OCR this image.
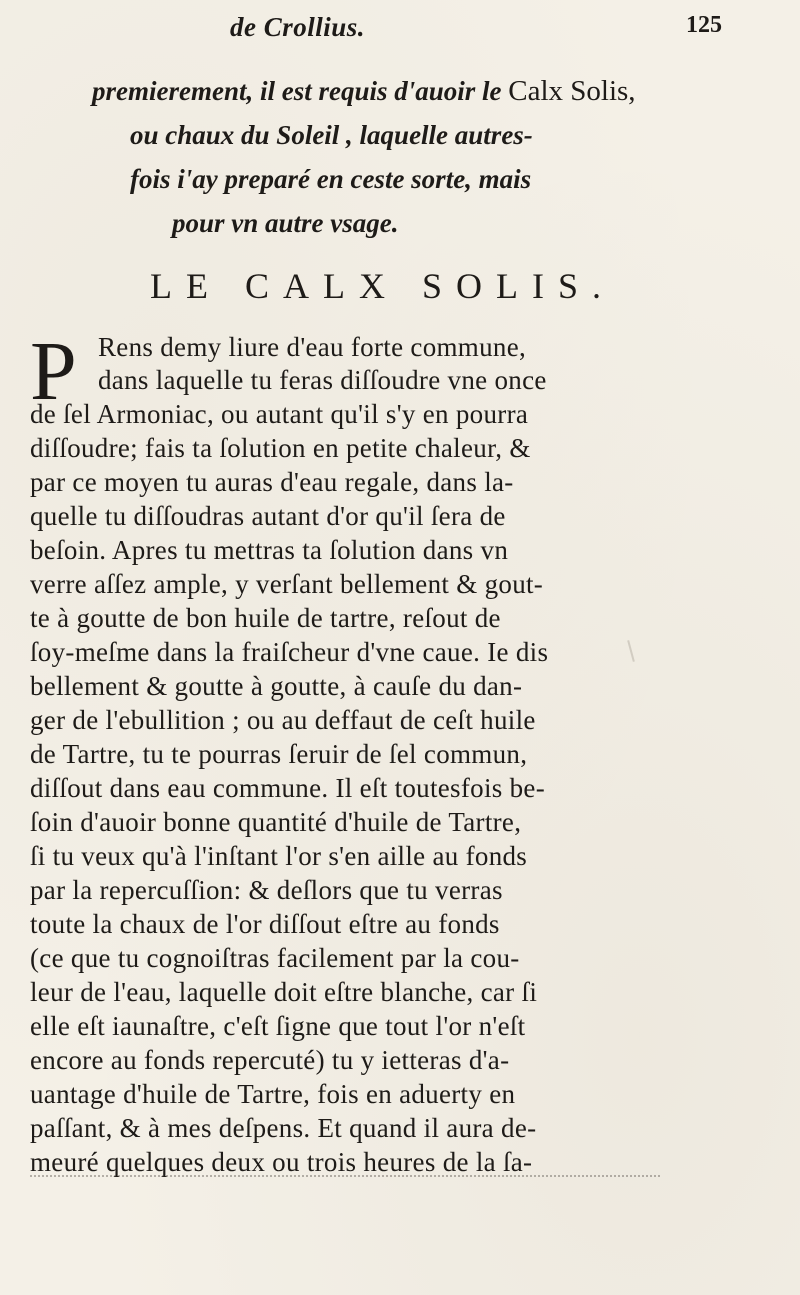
de Crollius.	125
premierement, il est requis d'auoir le Calx Solis,
ou chaux du Soleil , laquelle autres-
fois i'ay preparé en ceste sorte, mais
pour vn autre vsage.
LE CALX SOLIS.
P Rens demy liure d'eau forte commune,
dans laquelle tu feras diſſoudre vne once
de ſel Armoniac, ou autant qu'il s'y en pourra
diſſoudre; fais ta ſolution en petite chaleur, &
par ce moyen tu auras d'eau regale, dans la-
quelle tu diſſoudras autant d'or qu'il ſera de
beſoin. Apres tu mettras ta ſolution dans vn
verre aſſez ample, y verſant bellement & gout-
te à goutte de bon huile de tartre, reſout de
ſoy-meſme dans la fraiſcheur d'vne caue. Ie dis
bellement & goutte à goutte, à cauſe du dan-
ger de l'ebullition ; ou au deffaut de ceſt huile
de Tartre, tu te pourras ſeruir de ſel commun,
diſſout dans eau commune. Il eſt toutesfois be-
ſoin d'auoir bonne quantité d'huile de Tartre,
ſi tu veux qu'à l'inſtant l'or s'en aille au fonds
par la repercuſſion: & deſlors que tu verras
toute la chaux de l'or diſſout eſtre au fonds
(ce que tu cognoiſtras facilement par la cou-
leur de l'eau, laquelle doit eſtre blanche, car ſi
elle eſt iaunaſtre, c'eſt ſigne que tout l'or n'eſt
encore au fonds repercuté) tu y ietteras d'a-
uantage d'huile de Tartre, fois en aduerty en
paſſant, & à mes deſpens. Et quand il aura de-
meuré quelques deux ou trois heures de la ſa-
